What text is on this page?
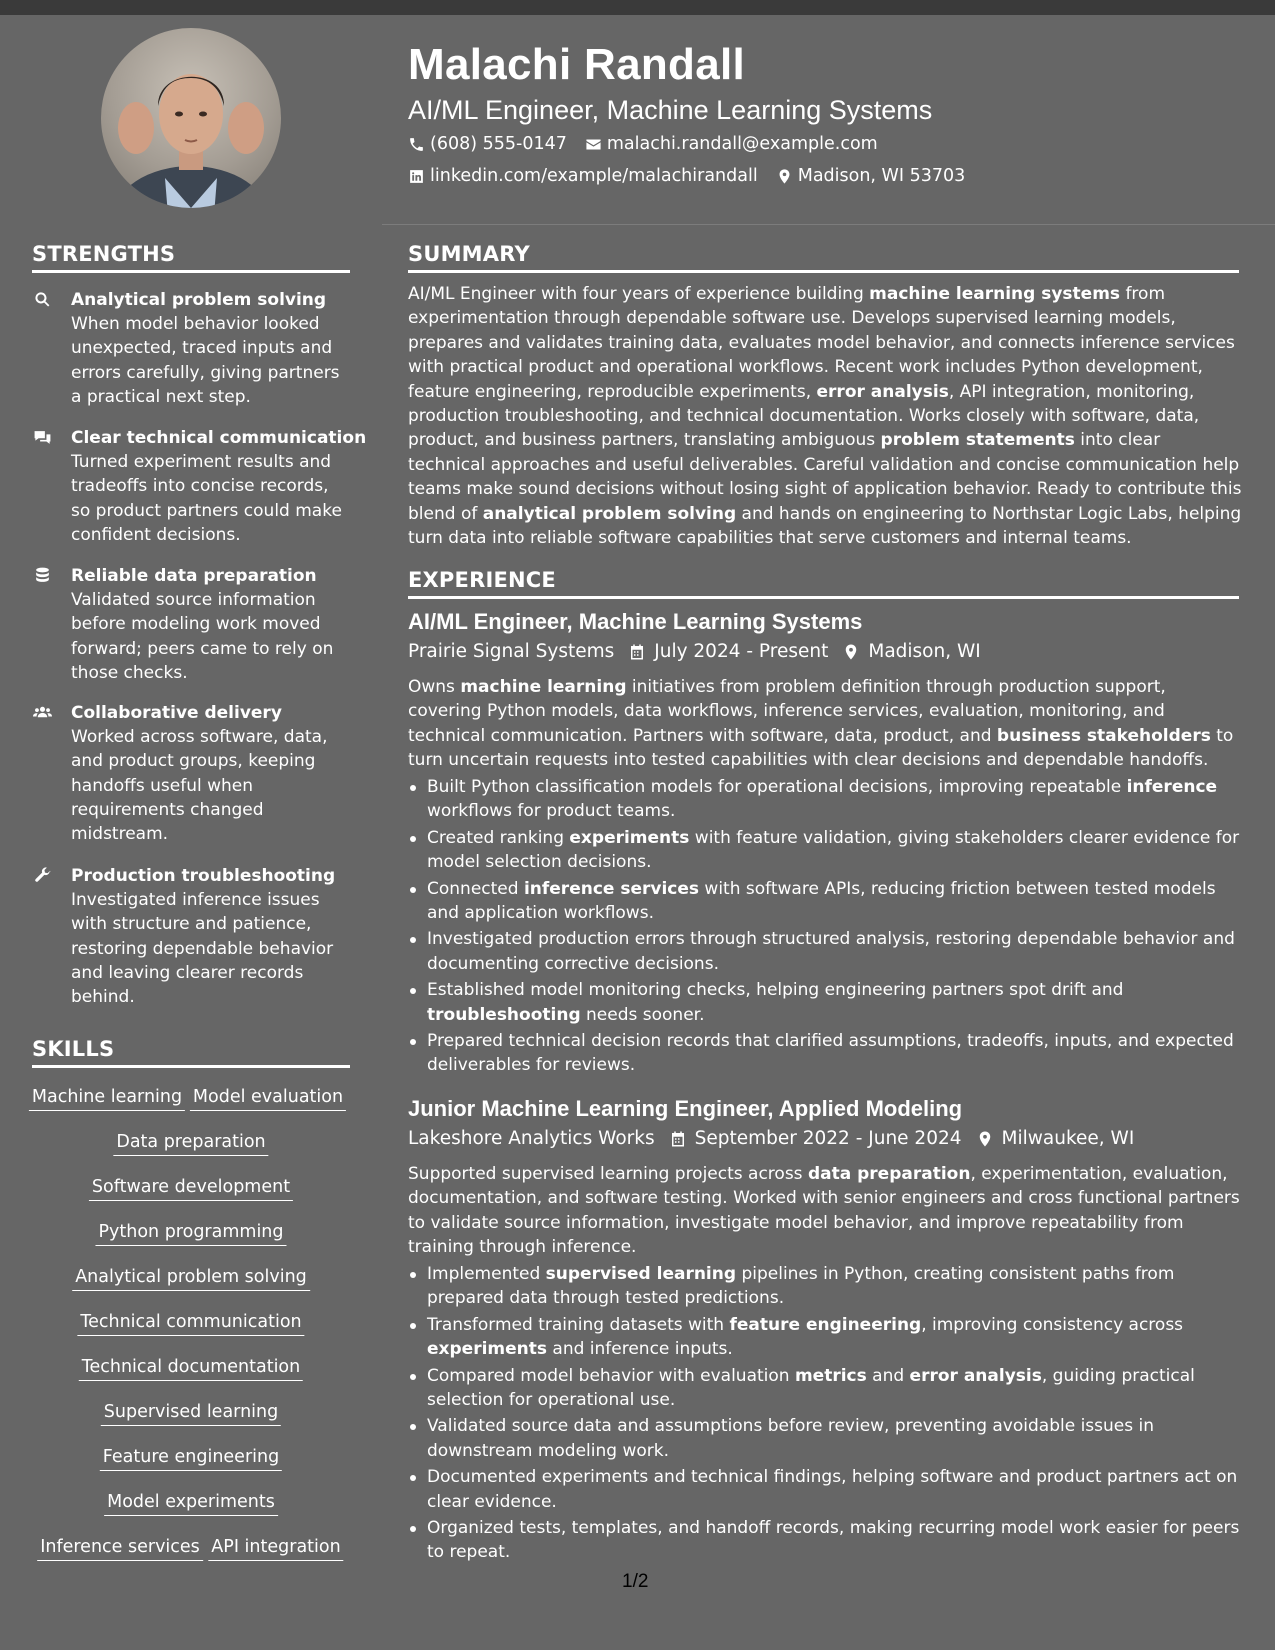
Malachi Randall
AI/ML Engineer, Machine Learning Systems
(608) 555-0147 malachi.randall@example.com
linkedin.com/example/malachirandall Madison, WI 53703
STRENGTHS
Analytical problem solving
When model behavior looked unexpected, traced inputs and errors carefully, giving partners a practical next step.
Clear technical communication
Turned experiment results and tradeoffs into concise records, so product partners could make confident decisions.
Reliable data preparation
Validated source information before modeling work moved forward; peers came to rely on those checks.
Collaborative delivery
Worked across software, data, and product groups, keeping handoffs useful when requirements changed midstream.
Production troubleshooting
Investigated inference issues with structure and patience, restoring dependable behavior and leaving clearer records behind.
SKILLS
Machine learning Model evaluation
Data preparation
Software development
Python programming
Analytical problem solving
Technical communication
Technical documentation
Supervised learning
Feature engineering
Model experiments
Inference services API integration
SUMMARY
AI/ML Engineer with four years of experience building machine learning systems from experimentation through dependable software use. Develops supervised learning models, prepares and validates training data, evaluates model behavior, and connects inference services with practical product and operational workflows. Recent work includes Python development, feature engineering, reproducible experiments, error analysis, API integration, monitoring, production troubleshooting, and technical documentation. Works closely with software, data, product, and business partners, translating ambiguous problem statements into clear technical approaches and useful deliverables. Careful validation and concise communication help teams make sound decisions without losing sight of application behavior. Ready to contribute this blend of analytical problem solving and hands on engineering to Northstar Logic Labs, helping turn data into reliable software capabilities that serve customers and internal teams.
EXPERIENCE
AI/ML Engineer, Machine Learning Systems
Prairie Signal Systems July 2024 - Present Madison, WI
Owns machine learning initiatives from problem definition through production support, covering Python models, data workflows, inference services, evaluation, monitoring, and technical communication. Partners with software, data, product, and business stakeholders to turn uncertain requests into tested capabilities with clear decisions and dependable handoffs.
Built Python classification models for operational decisions, improving repeatable inference workflows for product teams.
Created ranking experiments with feature validation, giving stakeholders clearer evidence for model selection decisions.
Connected inference services with software APIs, reducing friction between tested models and application workflows.
Investigated production errors through structured analysis, restoring dependable behavior and documenting corrective decisions.
Established model monitoring checks, helping engineering partners spot drift and troubleshooting needs sooner.
Prepared technical decision records that clarified assumptions, tradeoffs, inputs, and expected deliverables for reviews.
Junior Machine Learning Engineer, Applied Modeling
Lakeshore Analytics Works September 2022 - June 2024 Milwaukee, WI
Supported supervised learning projects across data preparation, experimentation, evaluation, documentation, and software testing. Worked with senior engineers and cross functional partners to validate source information, investigate model behavior, and improve repeatability from training through inference.
Implemented supervised learning pipelines in Python, creating consistent paths from prepared data through tested predictions.
Transformed training datasets with feature engineering, improving consistency across experiments and inference inputs.
Compared model behavior with evaluation metrics and error analysis, guiding practical selection for operational use.
Validated source data and assumptions before review, preventing avoidable issues in downstream modeling work.
Documented experiments and technical findings, helping software and product partners act on clear evidence.
Organized tests, templates, and handoff records, making recurring model work easier for peers to repeat.
1/2
